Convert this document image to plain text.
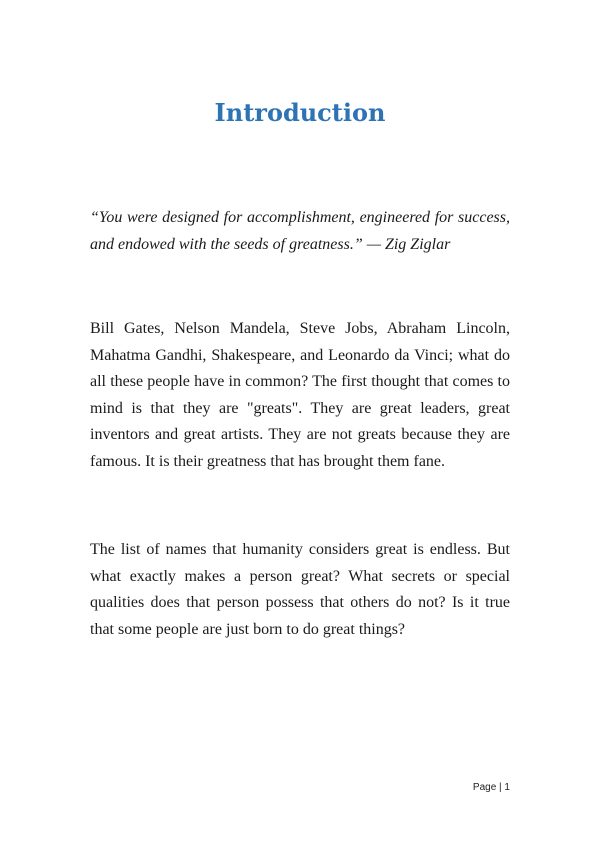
Introduction

“You were designed for accomplishment, engineered for success, and endowed with the seeds of greatness.” — Zig Ziglar

Bill Gates, Nelson Mandela, Steve Jobs, Abraham Lincoln, Mahatma Gandhi, Shakespeare, and Leonardo da Vinci; what do all these people have in common? The first thought that comes to mind is that they are "greats". They are great leaders, great inventors and great artists. They are not greats because they are famous. It is their greatness that has brought them fane.

The list of names that humanity considers great is endless. But what exactly makes a person great? What secrets or special qualities does that person possess that others do not? Is it true that some people are just born to do great things?

Page | 1
